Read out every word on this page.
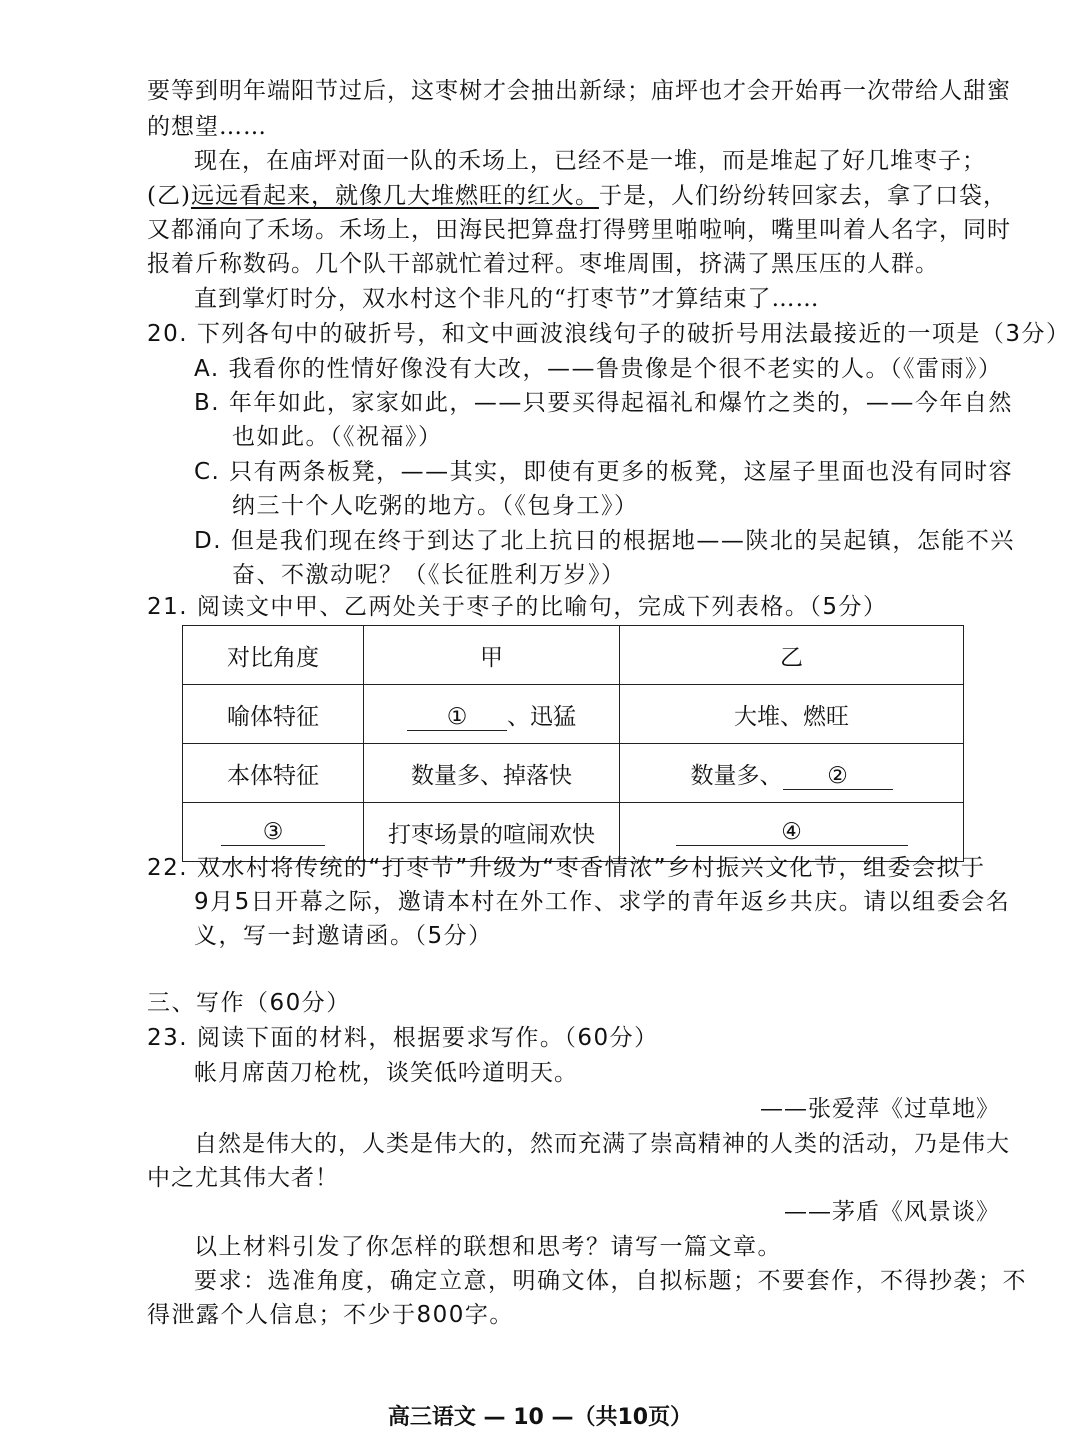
要等到明年端阳节过后，这枣树才会抽出新绿；庙坪也才会开始再一次带给人甜蜜
的想望……
现在，在庙坪对面一队的禾场上，已经不是一堆，而是堆起了好几堆枣子；
(乙)远远看起来，就像几大堆燃旺的红火。于是，人们纷纷转回家去，拿了口袋，
又都涌向了禾场。禾场上，田海民把算盘打得劈里啪啦响，嘴里叫着人名字，同时
报着斤称数码。几个队干部就忙着过秤。枣堆周围，挤满了黑压压的人群。
直到掌灯时分，双水村这个非凡的“打枣节”才算结束了……
20. 下列各句中的破折号，和文中画波浪线句子的破折号用法最接近的一项是（3分）
A. 我看你的性情好像没有大改，——鲁贵像是个很不老实的人。（《雷雨》）
B. 年年如此，家家如此，——只要买得起福礼和爆竹之类的，——今年自然
也如此。（《祝福》）
C. 只有两条板凳，——其实，即使有更多的板凳，这屋子里面也没有同时容
纳三十个人吃粥的地方。（《包身工》）
D. 但是我们现在终于到达了北上抗日的根据地——陕北的吴起镇，怎能不兴
奋、不激动呢？（《长征胜利万岁》）
21. 阅读文中甲、乙两处关于枣子的比喻句，完成下列表格。（5分）
对比角度	甲	乙
喻体特征	① 、迅猛	大堆、燃旺
本体特征	数量多、掉落快	数量多、 ②
③	打枣场景的喧闹欢快	④
22. 双水村将传统的“打枣节”升级为“枣香情浓”乡村振兴文化节，组委会拟于
9月5日开幕之际，邀请本村在外工作、求学的青年返乡共庆。请以组委会名
义，写一封邀请函。（5分）
三、写作（60分）
23. 阅读下面的材料，根据要求写作。（60分）
帐月席茵刀枪枕，谈笑低吟道明天。
——张爱萍《过草地》
自然是伟大的，人类是伟大的，然而充满了崇高精神的人类的活动，乃是伟大
中之尤其伟大者！
——茅盾《风景谈》
以上材料引发了你怎样的联想和思考？请写一篇文章。
要求：选准角度，确定立意，明确文体，自拟标题；不要套作，不得抄袭；不
得泄露个人信息；不少于800字。
高三语文 — 10 —（共10页）
